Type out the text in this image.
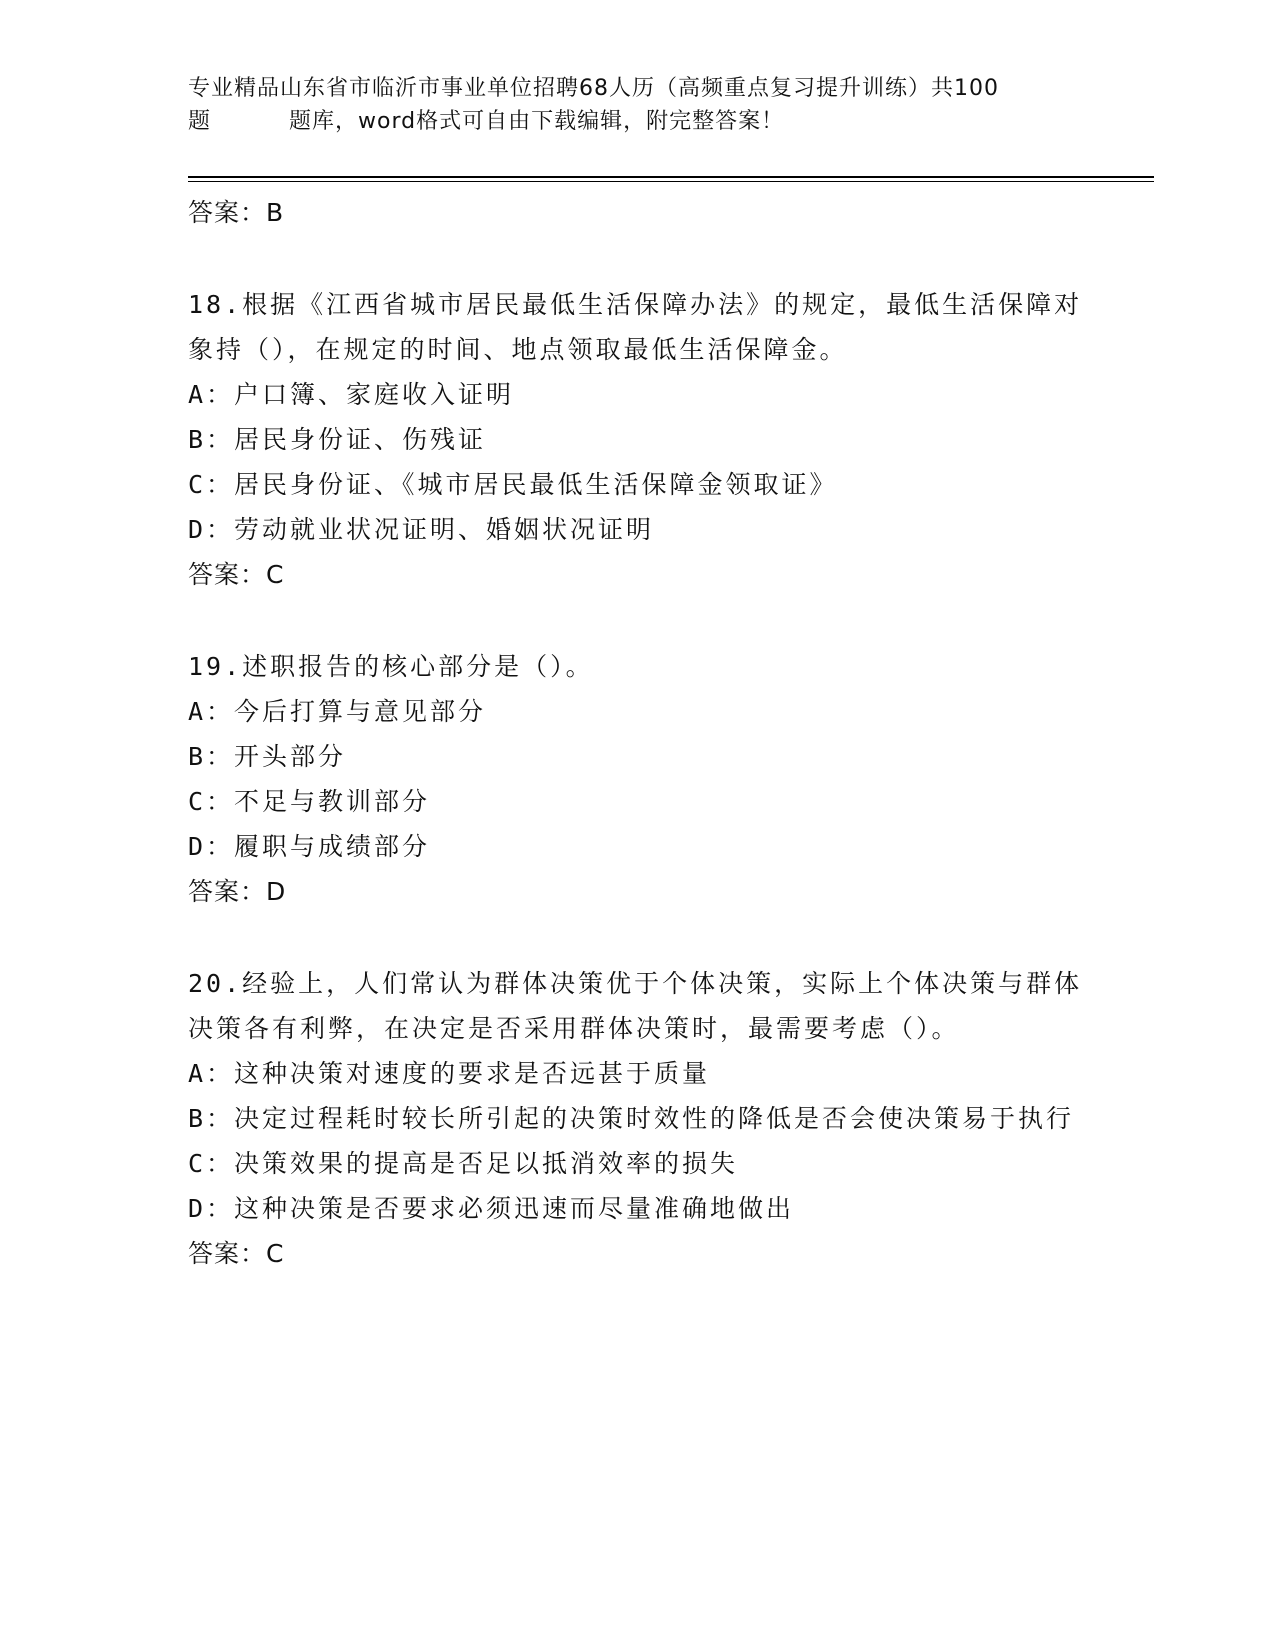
专业精品山东省市临沂市事业单位招聘68人历（高频重点复习提升训练）共100
题	题库，word格式可自由下载编辑，附完整答案！
答案：B
18.根据《江西省城市居民最低生活保障办法》的规定，最低生活保障对象持（），在规定的时间、地点领取最低生活保障金。
A：户口簿、家庭收入证明
B：居民身份证、伤残证
C：居民身份证、《城市居民最低生活保障金领取证》
D：劳动就业状况证明、婚姻状况证明
答案：C
19.述职报告的核心部分是（）。
A：今后打算与意见部分
B：开头部分
C：不足与教训部分
D：履职与成绩部分
答案：D
20.经验上，人们常认为群体决策优于个体决策，实际上个体决策与群体决策各有利弊，在决定是否采用群体决策时，最需要考虑（）。
A：这种决策对速度的要求是否远甚于质量
B：决定过程耗时较长所引起的决策时效性的降低是否会使决策易于执行
C：决策效果的提高是否足以抵消效率的损失
D：这种决策是否要求必须迅速而尽量准确地做出
答案：C
